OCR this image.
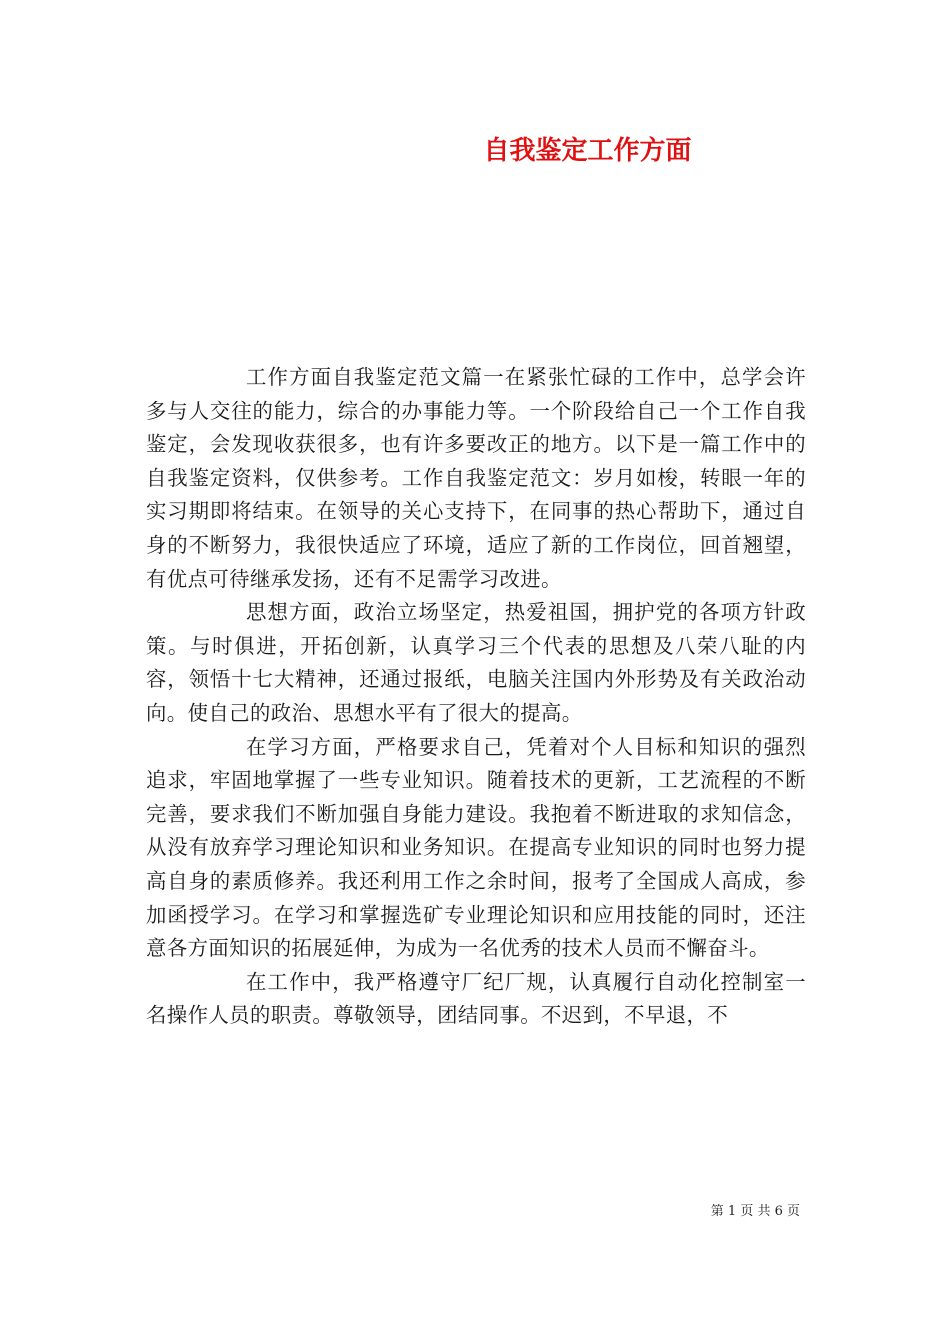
自我鉴定工作方面

工作方面自我鉴定范文篇一在紧张忙碌的工作中，总学会许多与人交往的能力，综合的办事能力等。一个阶段给自己一个工作自我鉴定，会发现收获很多，也有许多要改正的地方。以下是一篇工作中的自我鉴定资料，仅供参考。工作自我鉴定范文：岁月如梭，转眼一年的实习期即将结束。在领导的关心支持下，在同事的热心帮助下，通过自身的不断努力，我很快适应了环境，适应了新的工作岗位，回首翘望，有优点可待继承发扬，还有不足需学习改进。

思想方面，政治立场坚定，热爱祖国，拥护党的各项方针政策。与时俱进，开拓创新，认真学习三个代表的思想及八荣八耻的内容，领悟十七大精神，还通过报纸，电脑关注国内外形势及有关政治动向。使自己的政治、思想水平有了很大的提高。

在学习方面，严格要求自己，凭着对个人目标和知识的强烈追求，牢固地掌握了一些专业知识。随着技术的更新，工艺流程的不断完善，要求我们不断加强自身能力建设。我抱着不断进取的求知信念，从没有放弃学习理论知识和业务知识。在提高专业知识的同时也努力提高自身的素质修养。我还利用工作之余时间，报考了全国成人高成，参加函授学习。在学习和掌握选矿专业理论知识和应用技能的同时，还注意各方面知识的拓展延伸，为成为一名优秀的技术人员而不懈奋斗。

在工作中，我严格遵守厂纪厂规，认真履行自动化控制室一名操作人员的职责。尊敬领导，团结同事。不迟到，不早退，不

第 1 页 共 6 页
